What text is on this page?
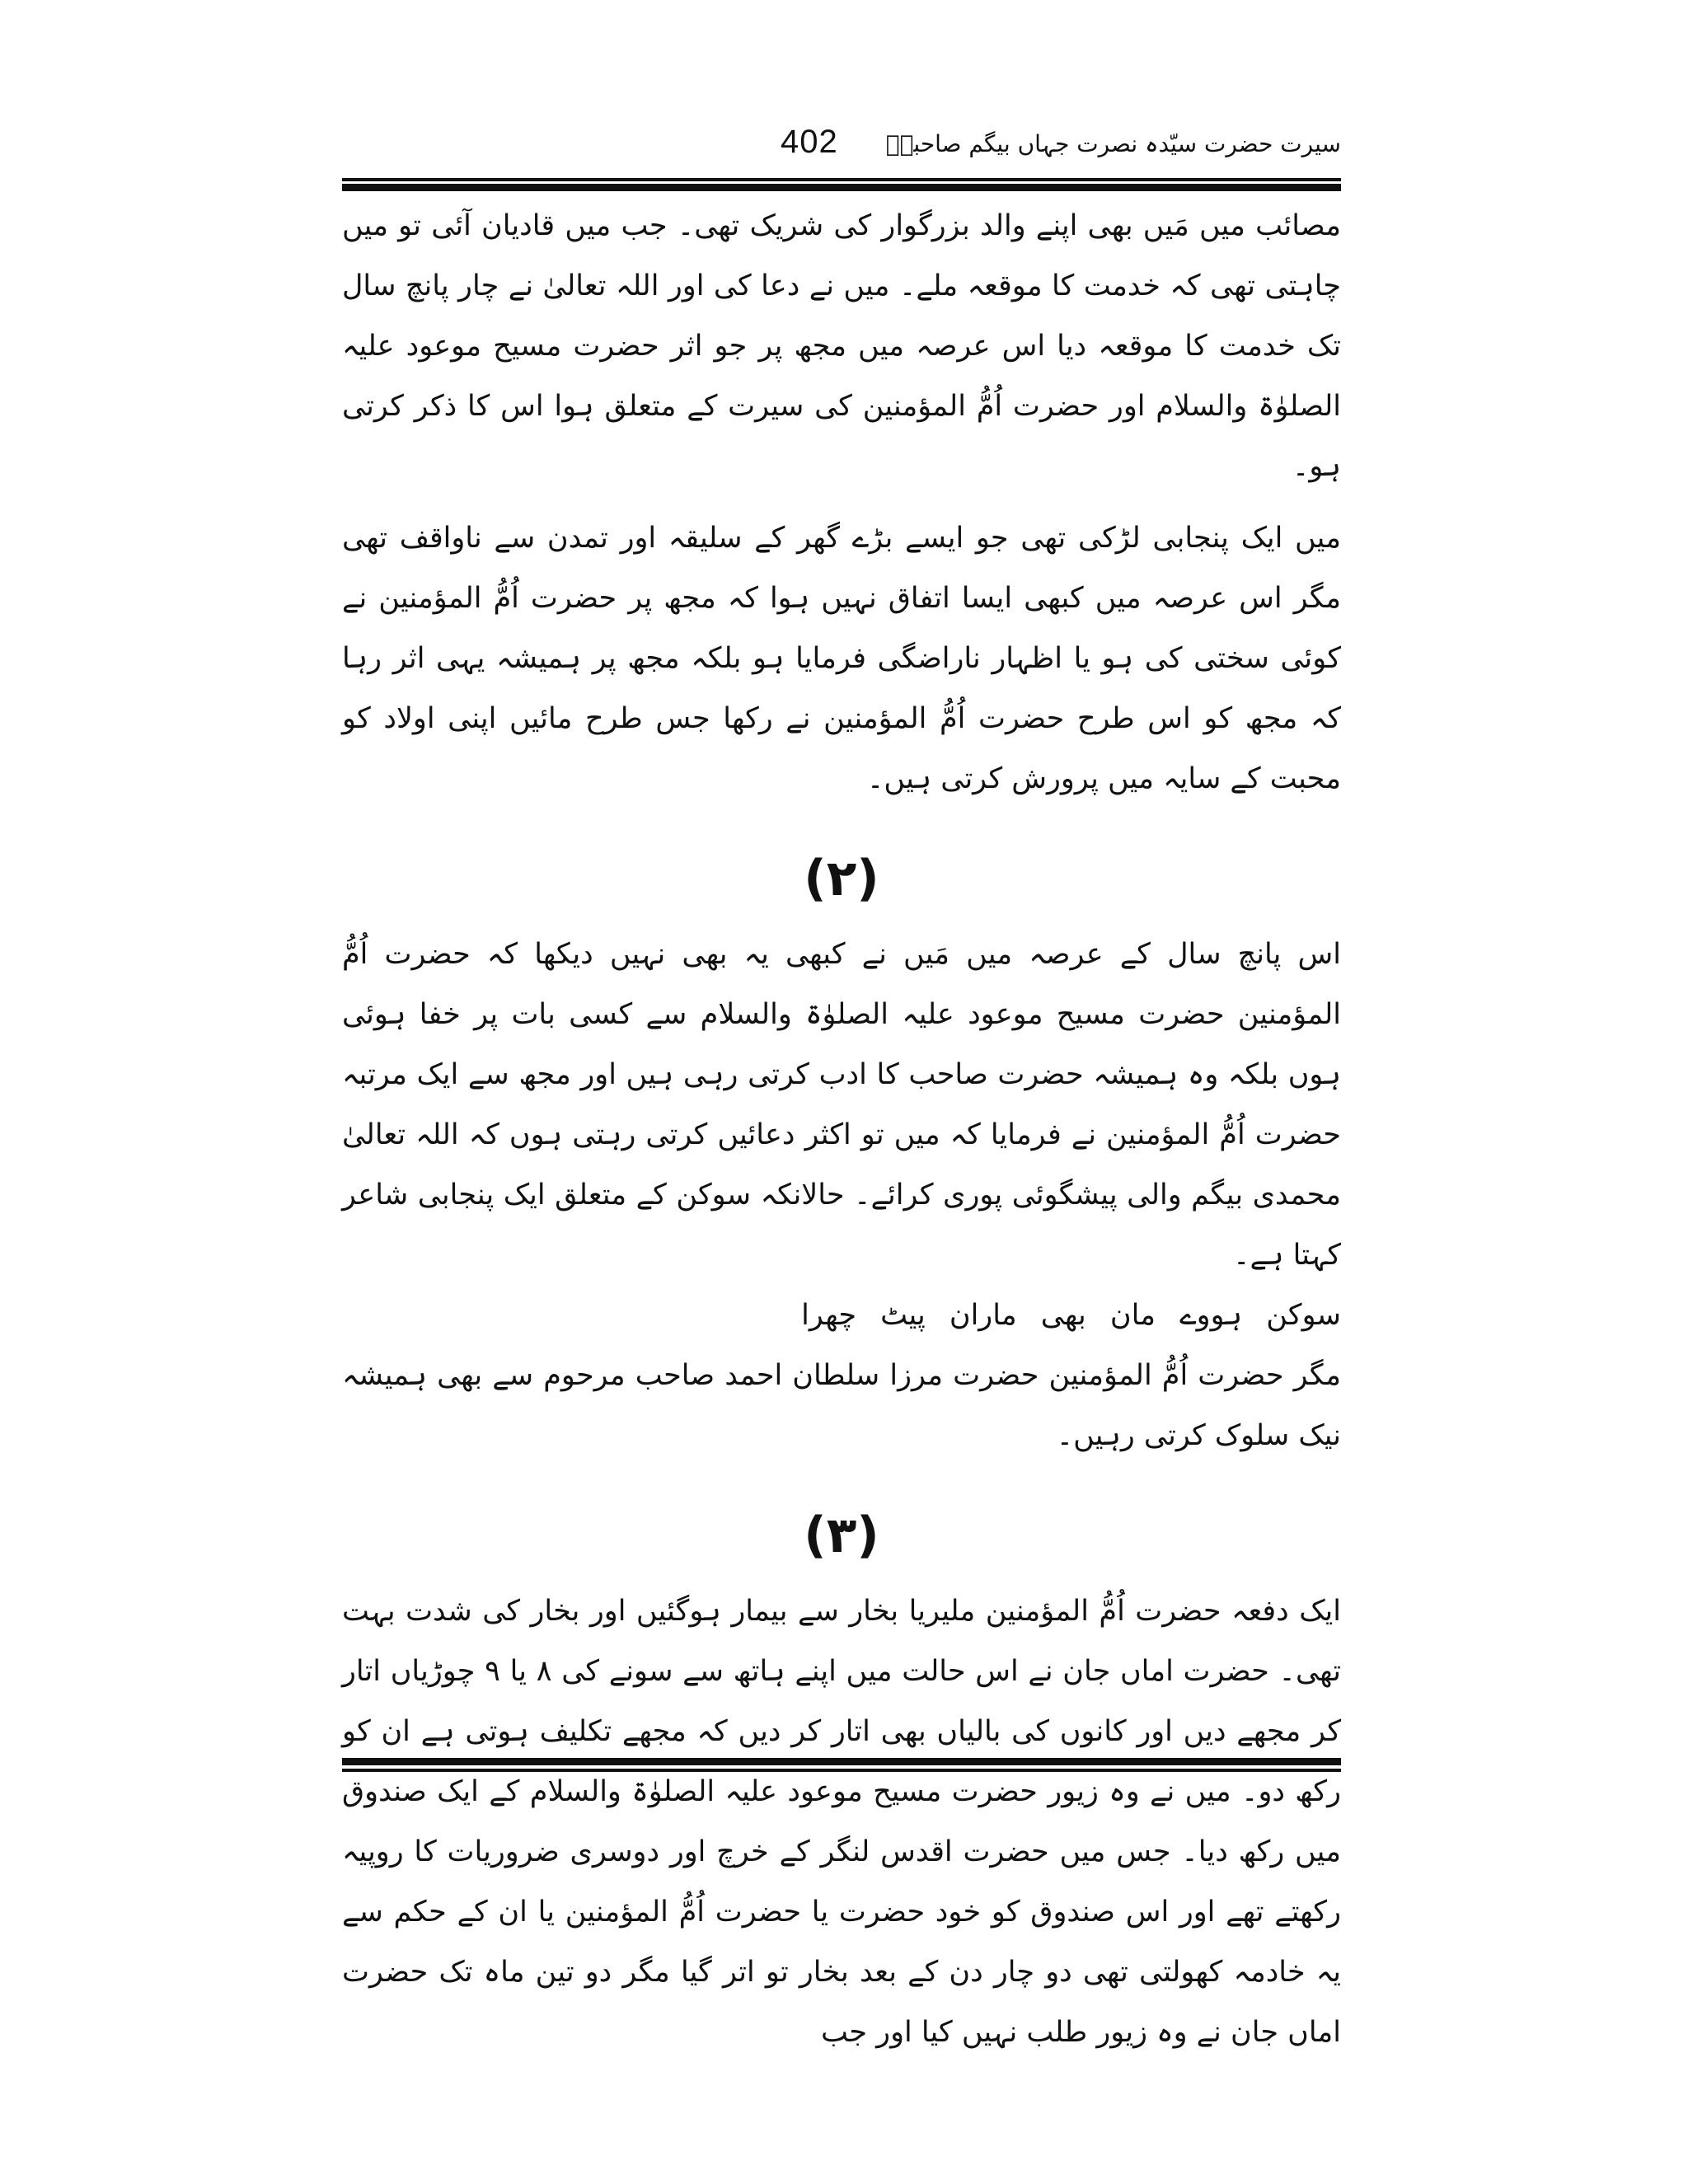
سیرت حضرت سیّدہ نصرت جہاں بیگم صاحبہؓ
402

مصائب میں مَیں بھی اپنے والد بزرگوار کی شریک تھی۔ جب میں قادیان آئی تو میں چاہتی تھی کہ خدمت کا موقعہ ملے۔ میں نے دعا کی اور اللہ تعالیٰ نے چار پانچ سال تک خدمت کا موقعہ دیا اس عرصہ میں مجھ پر جو اثر حضرت مسیح موعود علیہ الصلوٰۃ والسلام اور حضرت اُمُّ المؤمنین کی سیرت کے متعلق ہوا اس کا ذکر کرتی ہو۔

میں ایک پنجابی لڑکی تھی جو ایسے بڑے گھر کے سلیقہ اور تمدن سے ناواقف تھی مگر اس عرصہ میں کبھی ایسا اتفاق نہیں ہوا کہ مجھ پر حضرت اُمُّ المؤمنین نے کوئی سختی کی ہو یا اظہار ناراضگی فرمایا ہو بلکہ مجھ پر ہمیشہ یہی اثر رہا کہ مجھ کو اس طرح حضرت اُمُّ المؤمنین نے رکھا جس طرح مائیں اپنی اولاد کو محبت کے سایہ میں پرورش کرتی ہیں۔

(۲)

اس پانچ سال کے عرصہ میں مَیں نے کبھی یہ بھی نہیں دیکھا کہ حضرت اُمُّ المؤمنین حضرت مسیح موعود علیہ الصلوٰۃ والسلام سے کسی بات پر خفا ہوئی ہوں بلکہ وہ ہمیشہ حضرت صاحب کا ادب کرتی رہی ہیں اور مجھ سے ایک مرتبہ حضرت اُمُّ المؤمنین نے فرمایا کہ میں تو اکثر دعائیں کرتی رہتی ہوں کہ اللہ تعالیٰ محمدی بیگم والی پیشگوئی پوری کرائے۔ حالانکہ سوکن کے متعلق ایک پنجابی شاعر کہتا ہے۔

سوکن ہووے مان بھی ماران پیٹ چھرا

مگر حضرت اُمُّ المؤمنین حضرت مرزا سلطان احمد صاحب مرحوم سے بھی ہمیشہ نیک سلوک کرتی رہیں۔

(۳)

ایک دفعہ حضرت اُمُّ المؤمنین ملیریا بخار سے بیمار ہوگئیں اور بخار کی شدت بہت تھی۔ حضرت اماں جان نے اس حالت میں اپنے ہاتھ سے سونے کی ۸ یا ۹ چوڑیاں اتار کر مجھے دیں اور کانوں کی بالیاں بھی اتار کر دیں کہ مجھے تکلیف ہوتی ہے ان کو رکھ دو۔ میں نے وہ زیور حضرت مسیح موعود علیہ الصلوٰۃ والسلام کے ایک صندوق میں رکھ دیا۔ جس میں حضرت اقدس لنگر کے خرچ اور دوسری ضروریات کا روپیہ رکھتے تھے اور اس صندوق کو خود حضرت یا حضرت اُمُّ المؤمنین یا ان کے حکم سے یہ خادمہ کھولتی تھی دو چار دن کے بعد بخار تو اتر گیا مگر دو تین ماہ تک حضرت اماں جان نے وہ زیور طلب نہیں کیا اور جب
